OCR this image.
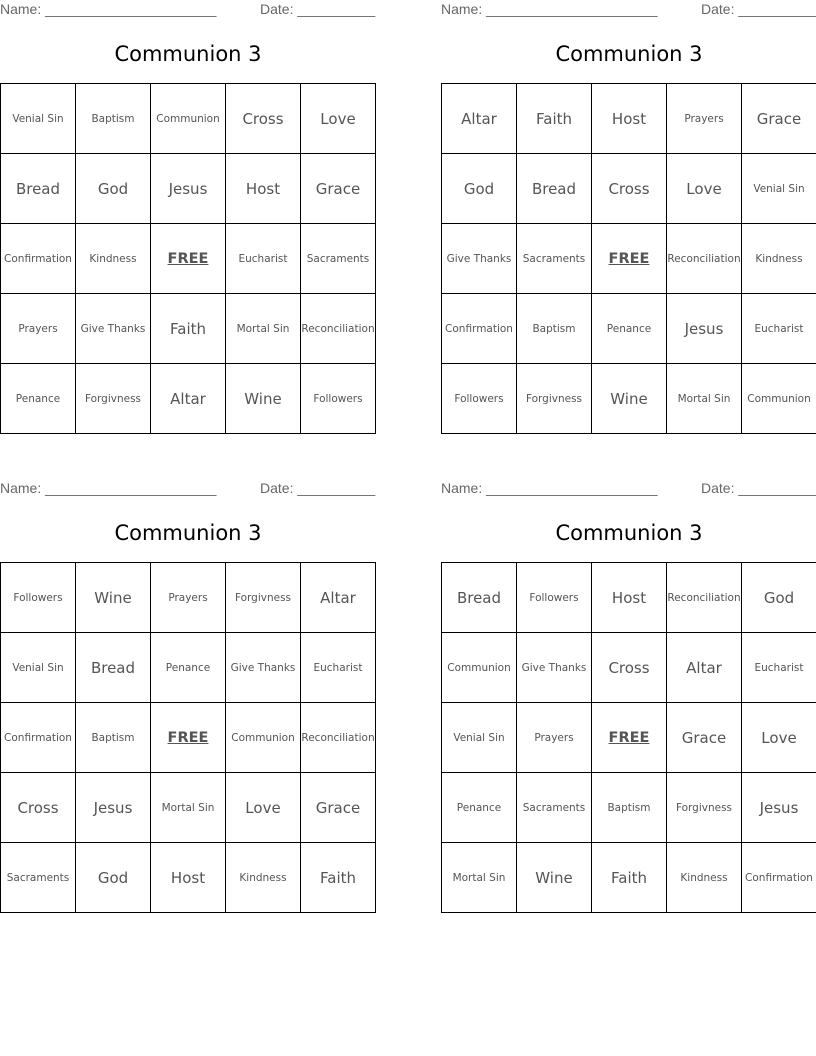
Name: ______________________	Date: __________
Communion 3
Venial Sin	Baptism	Communion	Cross	Love
Bread	God	Jesus	Host	Grace
Confirmation	Kindness	FREE	Eucharist	Sacraments
Prayers	Give Thanks	Faith	Mortal Sin	Reconciliation
Penance	Forgivness	Altar	Wine	Followers
Name: ______________________	Date: __________
Communion 3
Altar	Faith	Host	Prayers	Grace
God	Bread	Cross	Love	Venial Sin
Give Thanks	Sacraments	FREE	Reconciliation	Kindness
Confirmation	Baptism	Penance	Jesus	Eucharist
Followers	Forgivness	Wine	Mortal Sin	Communion
Name: ______________________	Date: __________
Communion 3
Followers	Wine	Prayers	Forgivness	Altar
Venial Sin	Bread	Penance	Give Thanks	Eucharist
Confirmation	Baptism	FREE	Communion	Reconciliation
Cross	Jesus	Mortal Sin	Love	Grace
Sacraments	God	Host	Kindness	Faith
Name: ______________________	Date: __________
Communion 3
Bread	Followers	Host	Reconciliation	God
Communion	Give Thanks	Cross	Altar	Eucharist
Venial Sin	Prayers	FREE	Grace	Love
Penance	Sacraments	Baptism	Forgivness	Jesus
Mortal Sin	Wine	Faith	Kindness	Confirmation
